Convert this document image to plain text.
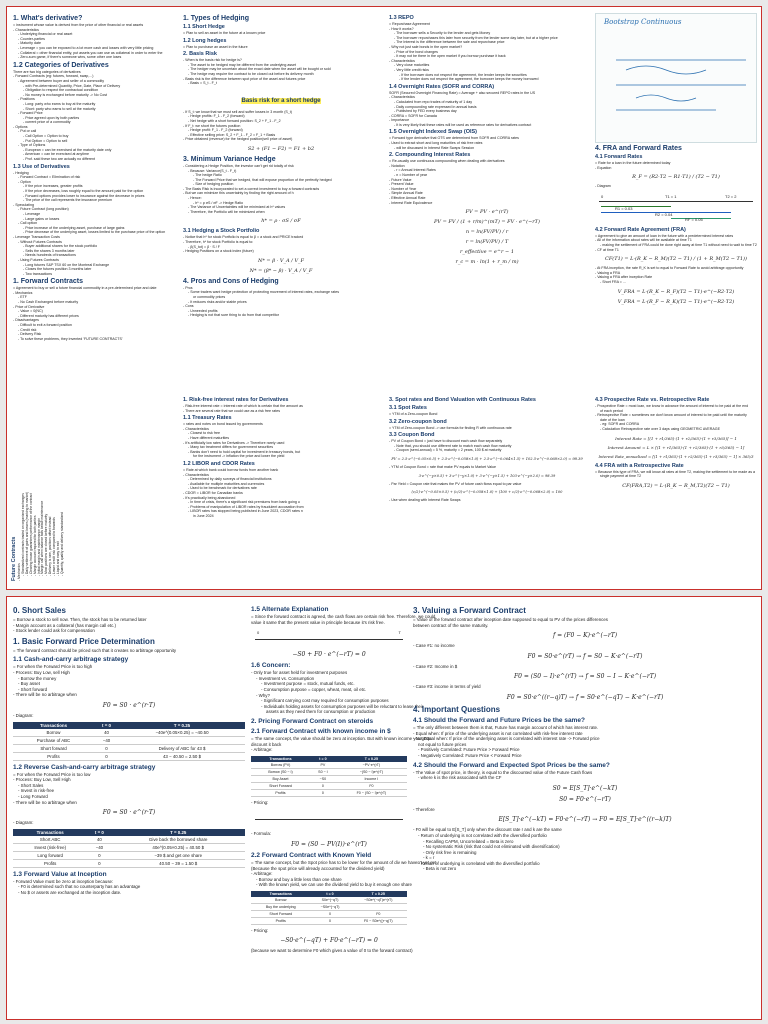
1. What's derivative?
= instrument whose value is derived from the price of other financial or real assets
- Characteristics
- Underlying financial or real asset
- Counter-parties
- Maturity date
- Leverage = you can be exposed to a lot more cash and losses with very little pricing
- Collateral = other financial entity, put assets you can use as collateral in order to enter the
- Zero-sum game, if there's someone wins, some other one loses
1.2 Categories of Derivatives
There are two big categories of derivatives
- Forward Contracts (eg: futures, forward, swap,...)
- Agreement between buyer and seller of a commodity
- with Pre-determined Quantity, Price, Date, Place of Delivery
- Obligation to respect the contractual condition
- No money is exchanged before maturity -> No Cost
- Positions
- Long: party who earns to buy at the maturity
- Short: party who earns to sell at the maturity
- Forward Price
- Price agreed upon by both parties
- current price of a commodity
- Options
- Put or call
- Call Option = Option to buy
- Put Option = Option to sell
- Type of Options
- European = can be exercised at the maturity date only
- American = can be exercised at anytime
- Prof. said these two are actually no different
1.3 Use of Derivatives
- Hedging
- Forward Contract = Elimination of risk
- Option
- If the price increases, greater profits
- If the price decreases, loss roughly equal to the amount paid for the option
- Forward options provides lower to insurance against the decrease in prices
- The price of the call represents the insurance premium
- Speculating
- Future Contract (long position)
- Leverage
- Large gains or losses
- Call option
- Price increase of the underlying asset, purchase of large gains
- Price decrease of the underlying asset, losses limited to the purchase price of the option
- Leverage Transaction Costs
- Without Futures Contracts
- Buyer additional shares for the stock portfolio
- Sells the shares 3 months later
- Needs hundreds of transactions
- Using Futures Contracts
- Long futures S&P TSX 60 on the Montreal Exchange
- Closes the futures position 3 months later
- Two transactions
1. Forward Contracts
= Agreement to buy or sell a future financial commodity in a pre-determined price and date
- Mechanics
- ETF
- No Cash Exchanged before maturity
- Price of Derivative
- Value = 0(NC)
- Different maturity has different prices
- Disadvantages
- Difficult to exit a forward position
- Credit risk
- Delivery Risk
- To solve these problems, they invented 'FUTURE CONTRACTS'
Future Contracts - Mechanics - Standardized contracts traded on organized exchanges - Daily settlement of gains and losses (marking to market) - Clearing house guarantees performance of the contract - Margin account required for both parties - Initial margin and maintenance margin - Margin call when balance falls below maintenance - Most positions are closed before maturity - Delivery is rare, positions offset instead - Lower credit risk compared to forwards - Liquid and easy to exit - Quantity, quality and delivery standardized
1. Types of Hedging
1.1 Short Hedge
= Plan to sell an asset in the future at a known price
1.2 Long hedges
= Plan to purchase an asset in the future
2. Basis Risk
- When is the basis risk for hedge is?
- The asset to be hedged may be different from the underlying asset
- The hedger may be uncertain about the exact date when the asset will be bought or sold
- The hedge may require the contract to be closed out before its delivery month
- Basis risk is the difference between spot price of the asset and futures price
- Basis = S_t - F_t
Basis risk for a short hedge
- If S_t: we know that we must sell and suffer losses in 3 month (S_t)
- Hedge profits: F_1 - F_2 (forward)
- Net hedge with a short forward position: S_2 + F_1 - F_2
- If F_t: we short the futures position
- Hedge profit: F_1 - F_2 (forward)
- Effective selling price: S_2 + F_1 - F_2 = F_1 + Basis
- Price obtained (revenue) for the hedged position(sell price of asset)
S2 + (F1 − F2) = F1 + b2
3. Minimum Variance Hedge
- Considering a Hedge Position, the investor can't get rid totally of risk
- Because: Variance(S_t - F_t)
- The hedge Ratio
- The Forward Price that we hedged, that will expose proportion of the perfectly hedged
- Size of hedging position
- The Basis Risk is incorporated to set a correct investment to buy a forward contracts
- But we can minimize this uncertainty by finding the right amount of h
- Hence:
- h* = ρ σS / σF -> Hedge Ratio
- The Variance of Uncertainties will be minimized at h* values
- Therefore, the Portfolio will be minimized when
h* = ρ · σS / σF
3.1 Hedging a Stock Portfolio
- Notice that h* for stock Portfolio is equal to β = a stock and PRICE tracked
- Therefore, h* for stock Portfolio is equal to:
- β(S_tot) = β · S / F
- Hedging Positions on a stock index (future)
N* = β · V_A / V_F
N* = (β* − β) · V_A / V_F
4. Pros and Cons of Hedging
- Pros
- Some traders want hedge protection of protecting movement of interest rates, exchange rates
or commodity prices
- It reduces risks and/or stable prices
- Cons
- Unneeded profits
- Hedging is not that sure thing to do from that competitor
1.3 REPO
= Repurchase Agreement
- How it works?
- The borrower sells a Security to the lender and gets Money
- The borrower repurchases this later from security from the lender some day later, but at a higher price
- The Interest is the difference between the sale and repurchase price
- Why not just sale bonds in the open market?
- Price of the bond changes
- It may not be there in the open market if you borrow purchase it back
- Characteristics
- Very close maturities
- Very little credit risks
- If the borrower does not respect the agreement, the lender keeps the securities
- If the lender does not respect the agreement, the borrower keeps the money borrowed
1.4 Overnight Rates (SOFR and CORRA)
SOFR (Secured Overnight Financing Rate) = Average + also secured REPO rates in the US
- Characteristics
- Calculated from repo trades of maturity of 1 day
- Daily compounding rate expressed in annual basis
- Published by FED every business day
- CORRA = SOFR for Canada
- Importance
- It is very likely that these rates will be used as reference rates for derivatives contract
1.5 Overnight Indexed Swap (OIS)
= Forward type derivative that OTS are determined from SOFR and CORRA rates
- Used to extract short and long maturities of risk free rates
- will be discussed in Interest Rate Swaps Session
2. Compounding Interest Rates
= Re-usually use continuous compounding when dealing with derivatives
- Notation
- r = Annual Interest Rates
- n = Number of year
- Future Value
- Present Value
- Number of Year
- Simple Annual Rate
- Effective Annual Rate
- Interest Rate Equivalence
FV = PV · e^(rT)
PV = FV / (1 + r/m)^(mT) = FV · e^(−rT)
n = ln(FV/PV) / r
r = ln(FV/PV) / T
r_effective = e^r − 1
r_c = m · ln(1 + r_m / m)
Bootstrap Continuous
4. FRA and Forward Rates
4.1 Forward Rates
= Rate for a loan in the future determined today
- Equation
R_F = (R2·T2 − R1·T1) / (T2 − T1)
- Diagram
0	T1 = 1	T2 = 2
R1 = 0.03
R2 = 0.04
RF = 0.05
4.2 Forward Rate Agreement (FRA)
= Agreement to give an amount of loan in the future with a predetermined interest rates
- All of the information about rates will be available at time T1
- making the settlement of FRA could be done right away at time T1 without need to wait to time T2
- CF at time T1
CF(T1) = L·(R_K − R_M)(T2 − T1) / (1 + R_M(T2 − T1))
- At FRA inception, the rate R_K is set to equal to Forward Rate to avoid arbitrage opportunity
- Valuing a FRA
- Valuing a FRA after inception Rate
- Short FRA = ...
V_FRA = L·(R_K − R_F)(T2 − T1)·e^(−R2·T2)
V_FRA = L·(R_F − R_K)(T2 − T1)·e^(−R2·T2)
1. Risk-free interest rates for Derivatives
- Risk-free interest rate = interest rate of which is certain that the amount as
- There are several rate that we could use as a risk free rates
1.1 Treasury Rates
= rates and notes on bond issued by governments
- Characteristics
- Closest to risk free
- Have different maturities
- It's artificially low rates for Derivatives -> Therefore rarely used
- Many tax treatment differs for government securities
- Banks don't need to hold capital for investment in treasury bonds, but
for the instrument -> inflation the price and lower the yield
1.2 LIBOR and CDOR Rates
= Rate at which bank could borrow funds from another bank
- Characteristics
- Determined by daily surveys of financial institutions
- Available for multiple maturities and currencies
- Used to be benchmark for derivatives rate
- CDOR = LIBOR for Canadian banks
- It's practically being abandoned
- In time of crisis, there's a significant risk premiums from bank going u
- Problems of manipulation of LIBOR rates by fraudulent accusation from
- LIBOR rates has stopped being published in June 2023, CDOR rates n
in June 2024
3. Spot rates and Bond Valuation with Continuous Rates
3.1 Spot Rates
= YTM of a Zero-coupon Bond
3.2 Zero-coupon bond
= YTM of Zero-coupon Bond -> use formula for finding R with continuous rate
3.3 Coupon Bond
- PV of Coupon Bond = just have to discount each cash flow separately
- Note that, you should use different rate to match each cash flow maturity
- Coupon (semi-annual) = 5 %, maturity = 2 years, 100 $ at maturity
PV = 2.5·e^(−0.05×0.5) + 2.5·e^(−0.058×1.0) + 2.5·e^(−0.064×1.5) + 102.5·e^(−0.068×2.0) = 98.39
- YTM of Coupon Bond = rate that make PV equals to Market Value
3·e^(−y×0.5) + 3·e^(−y×1.0) + 3·e^(−y×1.5) + 103·e^(−y×2.0) = 98.39
- Par Yield = Coupon rate that makes the PV of future cash flows equal to par value
(c/2)·e^(−0.05×0.5) + (c/2)·e^(−0.058×1.0) + (100 + c/2)·e^(−0.068×2.0) = 100
- Use when dealing with Interest Rate Swaps
4.3 Prospective Rate vs. Retrospective Rate
- Prospective Rate = most loan, we know in advance the amount of interest to be paid at the end
of each period
- Retrospective Rate = sometimes we don't know amount of interest to be paid until the maturity
date of the loan
- eg: SOFR and CORRA
- Calculation Retrospective rate over 3 days using GEOMETRIC AVERAGE
Interest Rate = [(1 + r1/365)·(1 + r2/365)·(1 + r3/365)] − 1
Interest Amount = L × [(1 + r1/365)·(1 + r2/365)·(1 + r3/365) − 1]
Interest Rate_annualized = [(1 + r1/365)·(1 + r2/365)·(1 + r3/365) − 1] × 365/3
4.4 FRA with a Retrospective Rate
= Because this type of FRA, we will know all rates at time T2, making the settlement to be made as a
single payment at time T2
CF(FRA,T2) = L·(R_K − R_M,T2)(T2 − T1)
0. Short Sales
= Borrow a stock to sell now. Then, the stock has to be returned later
- Margin account as a collateral (has margin call etc.)
- Stock lender could ask for compensation
1. Basic Forward Price Determination
= The forward contract should be priced such that it creates no arbitrage opportunity
1.1 Cash-and-carry arbitrage strategy
= For when the Forward Price is too high
- Process: Buy Low, sell High
- Borrow the money
- Buy asset
- Short forward
- There will be no arbitrage when
F0 = S0 · e^(r·T)
- Diagram:
Transactions	t = 0	T = 0.25
Borrow	40	−40e^(0.05×0.25) = −40.50
Purchase of ABC	−40	
Short forward	0	Delivery of ABC for 43 $
Profits	0	43 − 40.50 = 2.50 $
1.2 Reverse Cash-and-carry arbitrage strategy
= For when the Forward Price is too low
- Process: Buy Low, Sell High
- Short Sales
- Invest in risk-free
- Long Forward
- There will be no arbitrage when
F0 = S0 · e^(r·T)
- Diagram:
Transactions	t = 0	T = 0.25
Short ABC	40	Give back the borrowed share
Invest (risk-free)	−40	40e^(0.05×0.25) = 40.50 $
Long forward	0	−39 $ and get one share
Profits	0	40.50 − 39 = 1.50 $
1.3 Forward Value at Inception
- Forward Value must be zero at inception because:
- F0 is determined such that no counterparty has an advantage
- No $ or assets are exchanged at the inception date.
1.5 Alternate Explanation
= Since the forward contract is agreed, the cash flows are certain risk free. Therefore, we could
value it same that the present value in principle because it's risk free.
0	T
−S0 + F0 · e^(−rT) = 0
1.6 Concern:
- Only true for asset held for investment purposes
- Investment vs. Consumption
- Investment purpose = stock, mutual funds, etc.
- Consumption purpose = copper, wheat, meat, oil etc.
- Why?
- Significant carrying cost may required for consumption purposes
- Individuals holding assets for consumption purposes will be reluctant to lease their
assets as they need them for consumption or production
2. Pricing Forward Contract on steroids
2.1 Forward Contract with known income in $
= The same concept, the value should be zero at inception. But with known income you gotta
discount it back
- Arbitrage:
Transactions	t = 0	T = 0.25
Borrow (PV)	PV	−PV·e^(rT)
Borrow (S0 − I)	S0 − I	−(S0 − I)e^(rT)
Buy Asset	−S0	Income I
Short Forward	0	F0
Profits	0	F0 − (S0 − I)e^(rT)
- Pricing:
- Formula:
F0 = (S0 − PV(I))·e^(rT)
2.2 Forward Contract with Known Yield
= The same concept, but the Spot price has to be lower for the amount of div we haven't yet get.
(Because the spot price will already accounted for the dividend yield)
- Arbitrage:
- Borrow and buy a little less than one share
- With the known yield, we can use the dividend yield to buy it enough one share
Transactions	t = 0	T = 0.25
Borrow	S0e^(−qT)	−S0e^(−qT)e^(rT)
Buy the underlying	−S0e^(−qT)	
Short Forward	0	F0
Profits	0	F0 − S0e^((r−q)T)
- Pricing:
−S0·e^(−qT) + F0·e^(−rT) = 0
(because we want to determine F0 which gives a value of 0 to the forward contract)
3. Valuing a Forward Contract
= Value of the forward contract after inception date supposed to equal to PV of the prices differences
between contract of the same maturity.
f = (F0 − K)·e^(−rT)
- Case #1: no income
F0 = S0·e^(rT) → f = S0 − K·e^(−rT)
- Case #2: Income in $
F0 = (S0 − I)·e^(rT) → f = S0 − I − K·e^(−rT)
- Case #3: income in terms of yield
F0 = S0·e^((r−q)T) → f = S0·e^(−qT) − K·e^(−rT)
4. Important Questions
4.1 Should the Forward and Future Prices be the same?
= The only different between them is that, Future has margin account of which has interest rate.
- Equal when: If price of the underlying asset is not correlated with risk-free interest rate
- Not Equal when: If price of the underlying asset is correlated with interest rate -> Forward price
not equal to future prices
- Positively Correlated: Future Price > Forward Price
- Negatively Correlated: Future Price < Forward Price
4.2 Should the Forward and Expected Spot Prices be the same?
- The Value of spot price, in theory, is equal to the discounted value of the Future Cash flows
- where k is the risk associated with the CF
S0 = E[S_T]·e^(−kT)
S0 = F0·e^(−rT)
- Therefore
E[S_T]·e^(−kT) = F0·e^(−rT) → F0 = E[S_T]·e^((r−k)T)
- F0 will be equal to E[S_T] only when the discount rate r and k are the same
- Return of underlying is not correlated with the diversified portfolio
- Recalling CAPM, Uncorrelated = Beta is zero
- No systematic Risk (risk that could not eliminated with diversification)
- Only risk free is remaining
- k = r
- Return of underlying is correlated with the diversified portfolio
- Beta is not zero
